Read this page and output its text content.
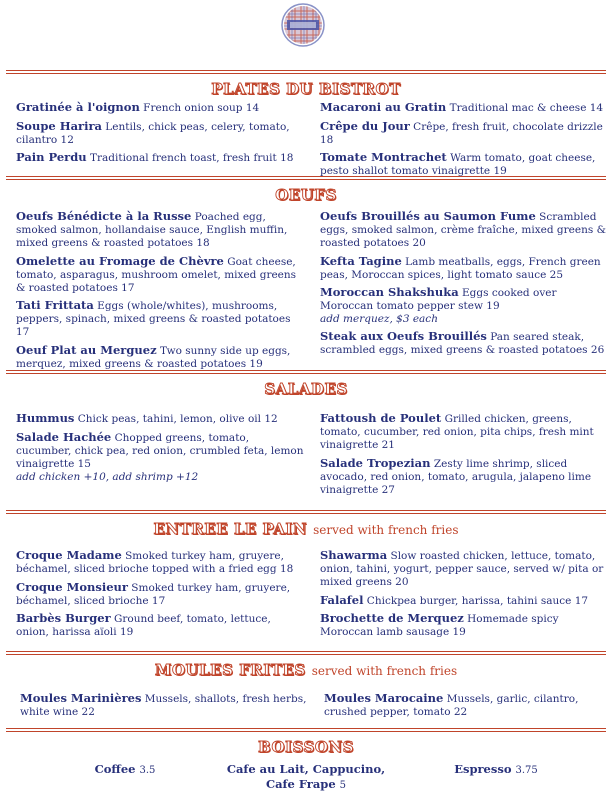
PLATES DU BISTROT
Gratinée à l'oignon French onion soup 14
Soupe Harira Lentils, chick peas, celery, tomato, cilantro 12
Pain Perdu Traditional french toast, fresh fruit 18
Macaroni au Gratin Traditional mac & cheese 14
Crêpe du Jour Crêpe, fresh fruit, chocolate drizzle 18
Tomate Montrachet Warm tomato, goat cheese, pesto shallot tomato vinaigrette 19
OEUFS
Oeufs Bénédicte à la Russe Poached egg, smoked salmon, hollandaise sauce, English muffin, mixed greens & roasted potatoes 18
Omelette au Fromage de Chèvre Goat cheese, tomato, asparagus, mushroom omelet, mixed greens & roasted potatoes 17
Tati Frittata Eggs (whole/whites), mushrooms, peppers, spinach, mixed greens & roasted potatoes 17
Oeuf Plat au Merguez Two sunny side up eggs, merquez, mixed greens & roasted potatoes 19
Oeufs Brouillés au Saumon Fume Scrambled eggs, smoked salmon, crème fraîche, mixed greens & roasted potatoes 20
Kefta Tagine Lamb meatballs, eggs, French green peas, Moroccan spices, light tomato sauce 25
Moroccan Shakshuka Eggs cooked over Moroccan tomato pepper stew 19
add merquez, $3 each
Steak aux Oeufs Brouillés Pan seared steak, scrambled eggs, mixed greens & roasted potatoes 26
SALADES
Hummus Chick peas, tahini, lemon, olive oil 12
Salade Hachée Chopped greens, tomato, cucumber, chick pea, red onion, crumbled feta, lemon vinaigrette 15
add chicken +10, add shrimp +12
Fattoush de Poulet Grilled chicken, greens, tomato, cucumber, red onion, pita chips, fresh mint vinaigrette 21
Salade Tropezian Zesty lime shrimp, sliced avocado, red onion, tomato, arugula, jalapeno lime vinaigrette 27
ENTREE LE PAIN served with french fries
Croque Madame Smoked turkey ham, gruyere, béchamel, sliced brioche topped with a fried egg 18
Croque Monsieur Smoked turkey ham, gruyere, béchamel, sliced brioche 17
Barbès Burger Ground beef, tomato, lettuce, onion, harissa aïoli 19
Shawarma Slow roasted chicken, lettuce, tomato, onion, tahini, yogurt, pepper sauce, served w/ pita or mixed greens 20
Falafel Chickpea burger, harissa, tahini sauce 17
Brochette de Merquez Homemade spicy Moroccan lamb sausage 19
MOULES FRITES served with french fries
Moules Marinières Mussels, shallots, fresh herbs, white wine 22
Moules Marocaine Mussels, garlic, cilantro, crushed pepper, tomato 22
BOISSONS
Coffee 3.5	Cafe au Lait, Cappucino, Cafe Frape 5
Espresso 3.75
